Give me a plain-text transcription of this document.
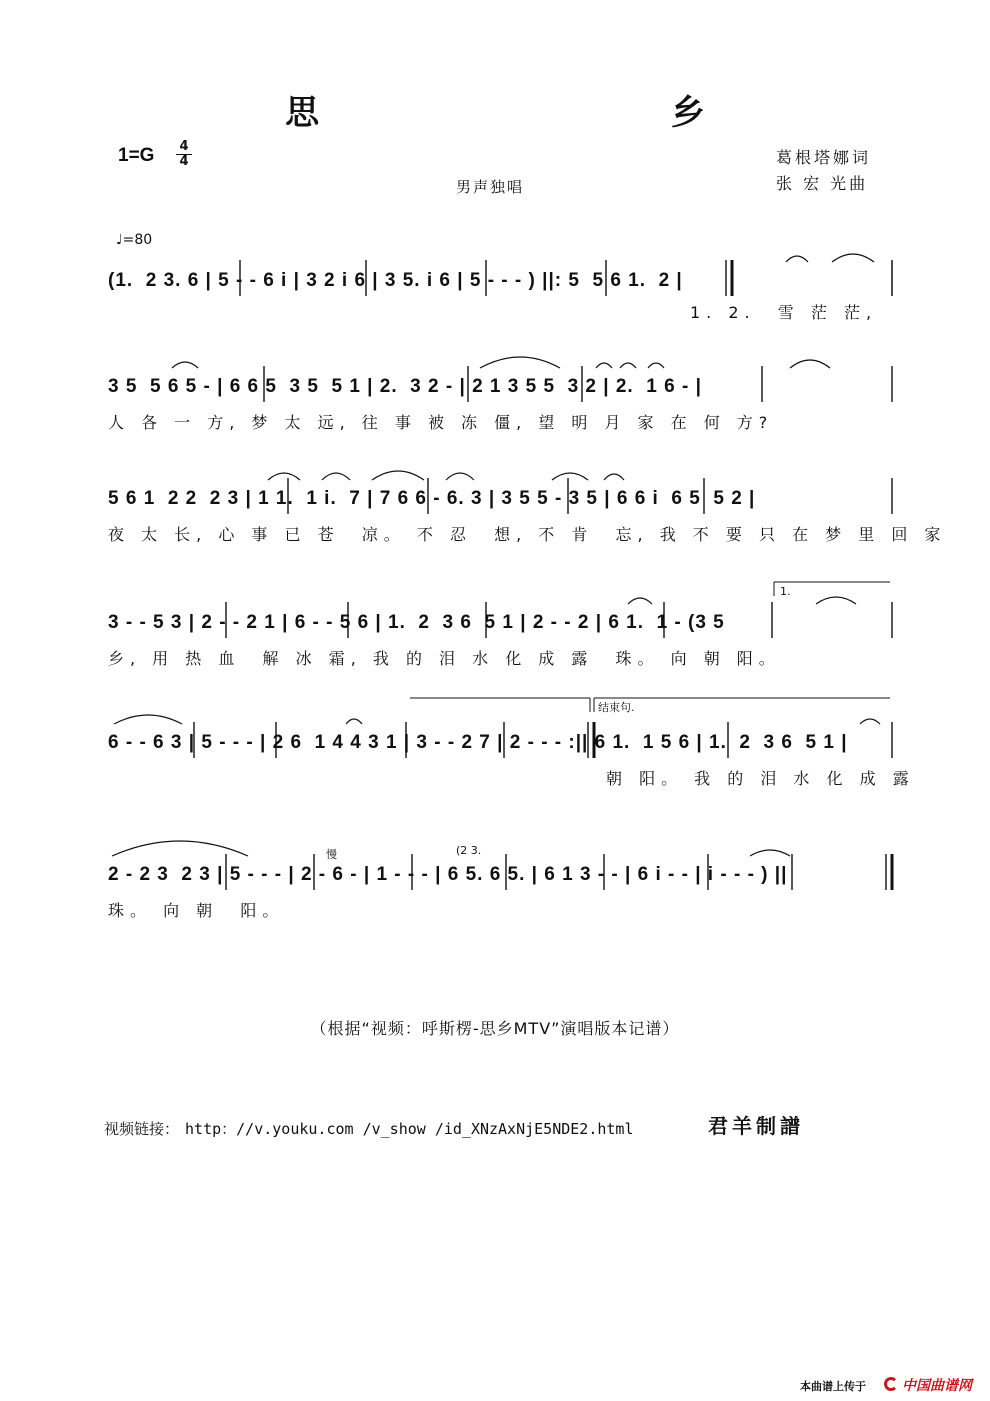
思 乡
1=G 4
4	葛根塔娜词
张 宏 光曲
男声独唱
♩=80
(1.  2 3. 6 | 5 - - 6 i | 3 2 i 6 | 3 5. i 6 | 5 - - - ) ||: 5  5 6 1.  2 |
1. 2.  雪 茫 茫,
3 5  5 6 5 - | 6 6 5  3 5  5 1 | 2.  3 2 - | 2 1 3 5 5  3 2 | 2.  1 6 - |
人 各 一 方, 梦 太 远, 往 事 被 冻 僵, 望 明 月 家 在 何 方?
5 6 1  2 2  2 3 | 1 1.  1 i.  7 | 7 6 6 - 6. 3 | 3 5 5 - 3 5 | 6 6 i  6 5  5 2 |
夜 太 长, 心 事 已 苍  凉。 不 忍  想, 不 肯  忘, 我 不 要 只 在 梦 里 回 家
3 - - 5 3 | 2 - - 2 1 | 6 - - 5 6 | 1.  2  3 6  5 1 | 2 - - 2 | 6 1.  1 - (3 5
乡, 用 热 血  解 冰 霜, 我 的 泪 水 化 成 露  珠。 向 朝 阳。
1.
结束句.
6 - - 6 3 | 5 - - - | 2 6  1 4 4 3 1 | 3 - - 2 7 | 2 - - - :|| 6 1.  1 5 6 | 1.  2  3 6  5 1 |
朝 阳。 我 的 泪 水 化 成 露
慢	(2 3.
2 - 2 3  2 3 | 5 - - - | 2 - 6 - | 1 - - - | 6 5. 6 5. | 6 1 3 - - | 6 i - - | i - - - ) ||
珠。 向 朝  阳。
（根据“视频：呼斯楞-思乡MTV”演唱版本记谱）
视频链接： http：//v.youku.com /v_show /id_XNzAxNjE5NDE2.html	君羊制譜
本曲谱上传于	中国曲谱网
